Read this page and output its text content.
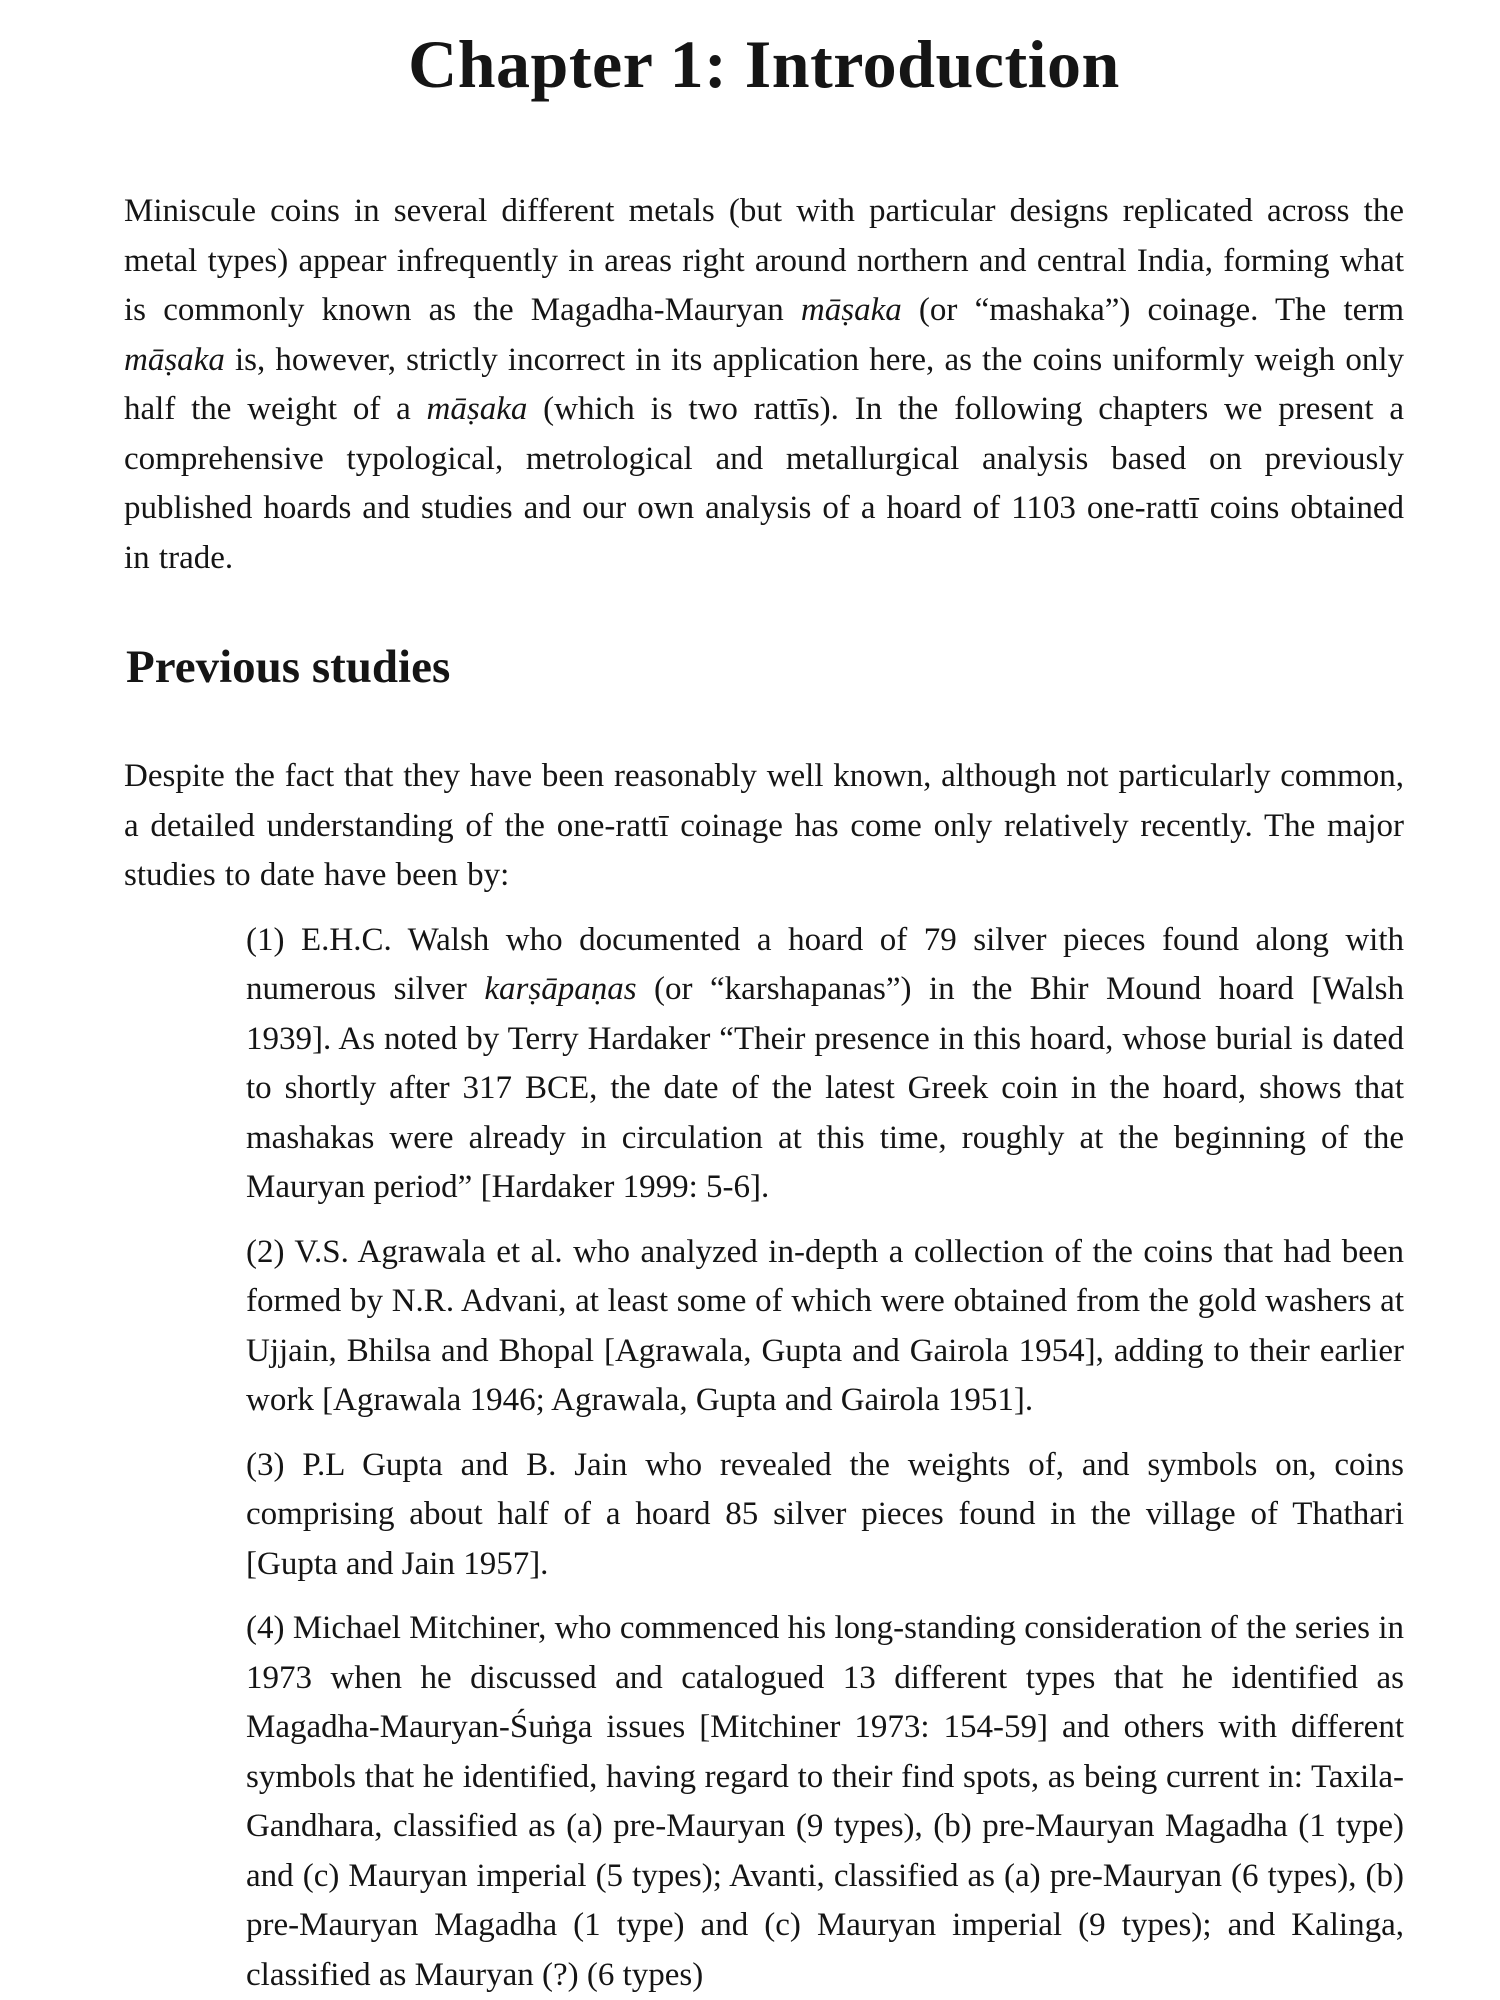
Chapter 1: Introduction

Miniscule coins in several different metals (but with particular designs replicated across the metal types) appear infrequently in areas right around northern and central India, forming what is commonly known as the Magadha-Mauryan māṣaka (or “mashaka”) coinage. The term māṣaka is, however, strictly incorrect in its application here, as the coins uniformly weigh only half the weight of a māṣaka (which is two rattīs). In the following chapters we present a comprehensive typological, metrological and metallurgical analysis based on previously published hoards and studies and our own analysis of a hoard of 1103 one-rattī coins obtained in trade.

Previous studies

Despite the fact that they have been reasonably well known, although not particularly common, a detailed understanding of the one-rattī coinage has come only relatively recently. The major studies to date have been by:

(1) E.H.C. Walsh who documented a hoard of 79 silver pieces found along with numerous silver karṣāpaṇas (or “karshapanas”) in the Bhir Mound hoard [Walsh 1939]. As noted by Terry Hardaker “Their presence in this hoard, whose burial is dated to shortly after 317 BCE, the date of the latest Greek coin in the hoard, shows that mashakas were already in circulation at this time, roughly at the beginning of the Mauryan period” [Hardaker 1999: 5-6].
(2) V.S. Agrawala et al. who analyzed in-depth a collection of the coins that had been formed by N.R. Advani, at least some of which were obtained from the gold washers at Ujjain, Bhilsa and Bhopal [Agrawala, Gupta and Gairola 1954], adding to their earlier work [Agrawala 1946; Agrawala, Gupta and Gairola 1951].
(3) P.L Gupta and B. Jain who revealed the weights of, and symbols on, coins comprising about half of a hoard 85 silver pieces found in the village of Thathari [Gupta and Jain 1957].
(4) Michael Mitchiner, who commenced his long-standing consideration of the series in 1973 when he discussed and catalogued 13 different types that he identified as Magadha-Mauryan-Śuṅga issues [Mitchiner 1973: 154-59] and others with different symbols that he identified, having regard to their find spots, as being current in: Taxila-Gandhara, classified as (a) pre-Mauryan (9 types), (b) pre-Mauryan Magadha (1 type) and (c) Mauryan imperial (5 types); Avanti, classified as (a) pre-Mauryan (6 types), (b) pre-Mauryan Magadha (1 type) and (c) Mauryan imperial (9 types); and Kalinga, classified as Mauryan (?) (6 types)
